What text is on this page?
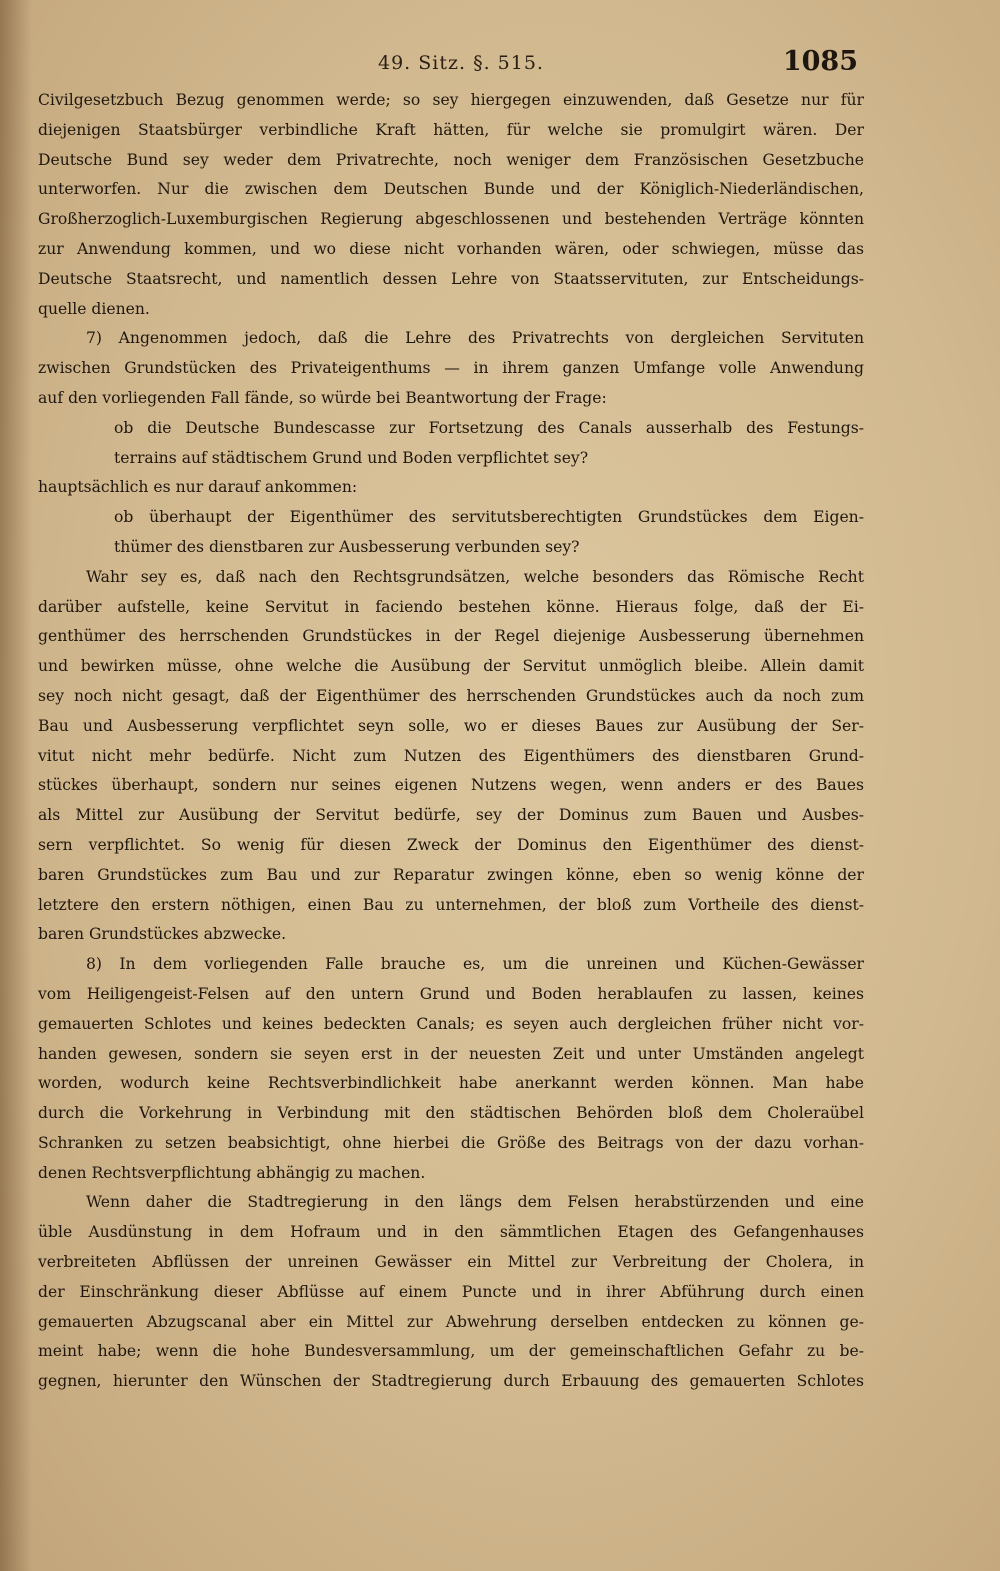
49. Sitz. §. 515.	1085
Civilgesetzbuch Bezug genommen werde; so sey hiergegen einzuwenden, daß Gesetze nur für
diejenigen Staatsbürger verbindliche Kraft hätten, für welche sie promulgirt wären. Der
Deutsche Bund sey weder dem Privatrechte, noch weniger dem Französischen Gesetzbuche
unterworfen. Nur die zwischen dem Deutschen Bunde und der Königlich-Niederländischen,
Großherzoglich-Luxemburgischen Regierung abgeschlossenen und bestehenden Verträge könnten
zur Anwendung kommen, und wo diese nicht vorhanden wären, oder schwiegen, müsse das
Deutsche Staatsrecht, und namentlich dessen Lehre von Staatsservituten, zur Entscheidungs-
quelle dienen.
7) Angenommen jedoch, daß die Lehre des Privatrechts von dergleichen Servituten
zwischen Grundstücken des Privateigenthums — in ihrem ganzen Umfange volle Anwendung
auf den vorliegenden Fall fände, so würde bei Beantwortung der Frage:
ob die Deutsche Bundescasse zur Fortsetzung des Canals ausserhalb des Festungs-
terrains auf städtischem Grund und Boden verpflichtet sey?
hauptsächlich es nur darauf ankommen:
ob überhaupt der Eigenthümer des servitutsberechtigten Grundstückes dem Eigen-
thümer des dienstbaren zur Ausbesserung verbunden sey?
Wahr sey es, daß nach den Rechtsgrundsätzen, welche besonders das Römische Recht
darüber aufstelle, keine Servitut in faciendo bestehen könne. Hieraus folge, daß der Ei-
genthümer des herrschenden Grundstückes in der Regel diejenige Ausbesserung übernehmen
und bewirken müsse, ohne welche die Ausübung der Servitut unmöglich bleibe. Allein damit
sey noch nicht gesagt, daß der Eigenthümer des herrschenden Grundstückes auch da noch zum
Bau und Ausbesserung verpflichtet seyn solle, wo er dieses Baues zur Ausübung der Ser-
vitut nicht mehr bedürfe. Nicht zum Nutzen des Eigenthümers des dienstbaren Grund-
stückes überhaupt, sondern nur seines eigenen Nutzens wegen, wenn anders er des Baues
als Mittel zur Ausübung der Servitut bedürfe, sey der Dominus zum Bauen und Ausbes-
sern verpflichtet. So wenig für diesen Zweck der Dominus den Eigenthümer des dienst-
baren Grundstückes zum Bau und zur Reparatur zwingen könne, eben so wenig könne der
letztere den erstern nöthigen, einen Bau zu unternehmen, der bloß zum Vortheile des dienst-
baren Grundstückes abzwecke.
8) In dem vorliegenden Falle brauche es, um die unreinen und Küchen-Gewässer
vom Heiligengeist-Felsen auf den untern Grund und Boden herablaufen zu lassen, keines
gemauerten Schlotes und keines bedeckten Canals; es seyen auch dergleichen früher nicht vor-
handen gewesen, sondern sie seyen erst in der neuesten Zeit und unter Umständen angelegt
worden, wodurch keine Rechtsverbindlichkeit habe anerkannt werden können. Man habe
durch die Vorkehrung in Verbindung mit den städtischen Behörden bloß dem Choleraübel
Schranken zu setzen beabsichtigt, ohne hierbei die Größe des Beitrags von der dazu vorhan-
denen Rechtsverpflichtung abhängig zu machen.
Wenn daher die Stadtregierung in den längs dem Felsen herabstürzenden und eine
üble Ausdünstung in dem Hofraum und in den sämmtlichen Etagen des Gefangenhauses
verbreiteten Abflüssen der unreinen Gewässer ein Mittel zur Verbreitung der Cholera, in
der Einschränkung dieser Abflüsse auf einem Puncte und in ihrer Abführung durch einen
gemauerten Abzugscanal aber ein Mittel zur Abwehrung derselben entdecken zu können ge-
meint habe; wenn die hohe Bundesversammlung, um der gemeinschaftlichen Gefahr zu be-
gegnen, hierunter den Wünschen der Stadtregierung durch Erbauung des gemauerten Schlotes
